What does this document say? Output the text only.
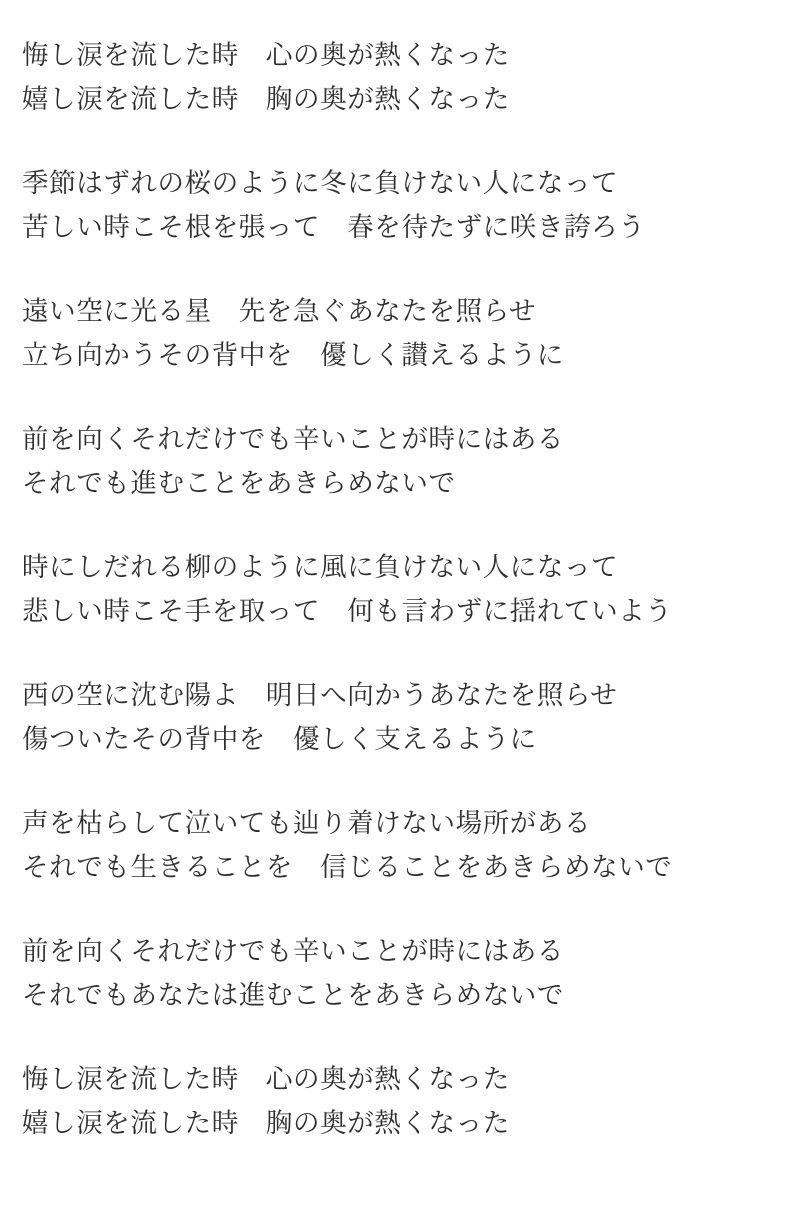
悔し涙を流した時　心の奥が熱くなった
嬉し涙を流した時　胸の奥が熱くなった
季節はずれの桜のように冬に負けない人になって
苦しい時こそ根を張って　春を待たずに咲き誇ろう
遠い空に光る星　先を急ぐあなたを照らせ
立ち向かうその背中を　優しく讃えるように
前を向くそれだけでも辛いことが時にはある
それでも進むことをあきらめないで
時にしだれる柳のように風に負けない人になって
悲しい時こそ手を取って　何も言わずに揺れていよう
西の空に沈む陽よ　明日へ向かうあなたを照らせ
傷ついたその背中を　優しく支えるように
声を枯らして泣いても辿り着けない場所がある
それでも生きることを　信じることをあきらめないで
前を向くそれだけでも辛いことが時にはある
それでもあなたは進むことをあきらめないで
悔し涙を流した時　心の奥が熱くなった
嬉し涙を流した時　胸の奥が熱くなった
